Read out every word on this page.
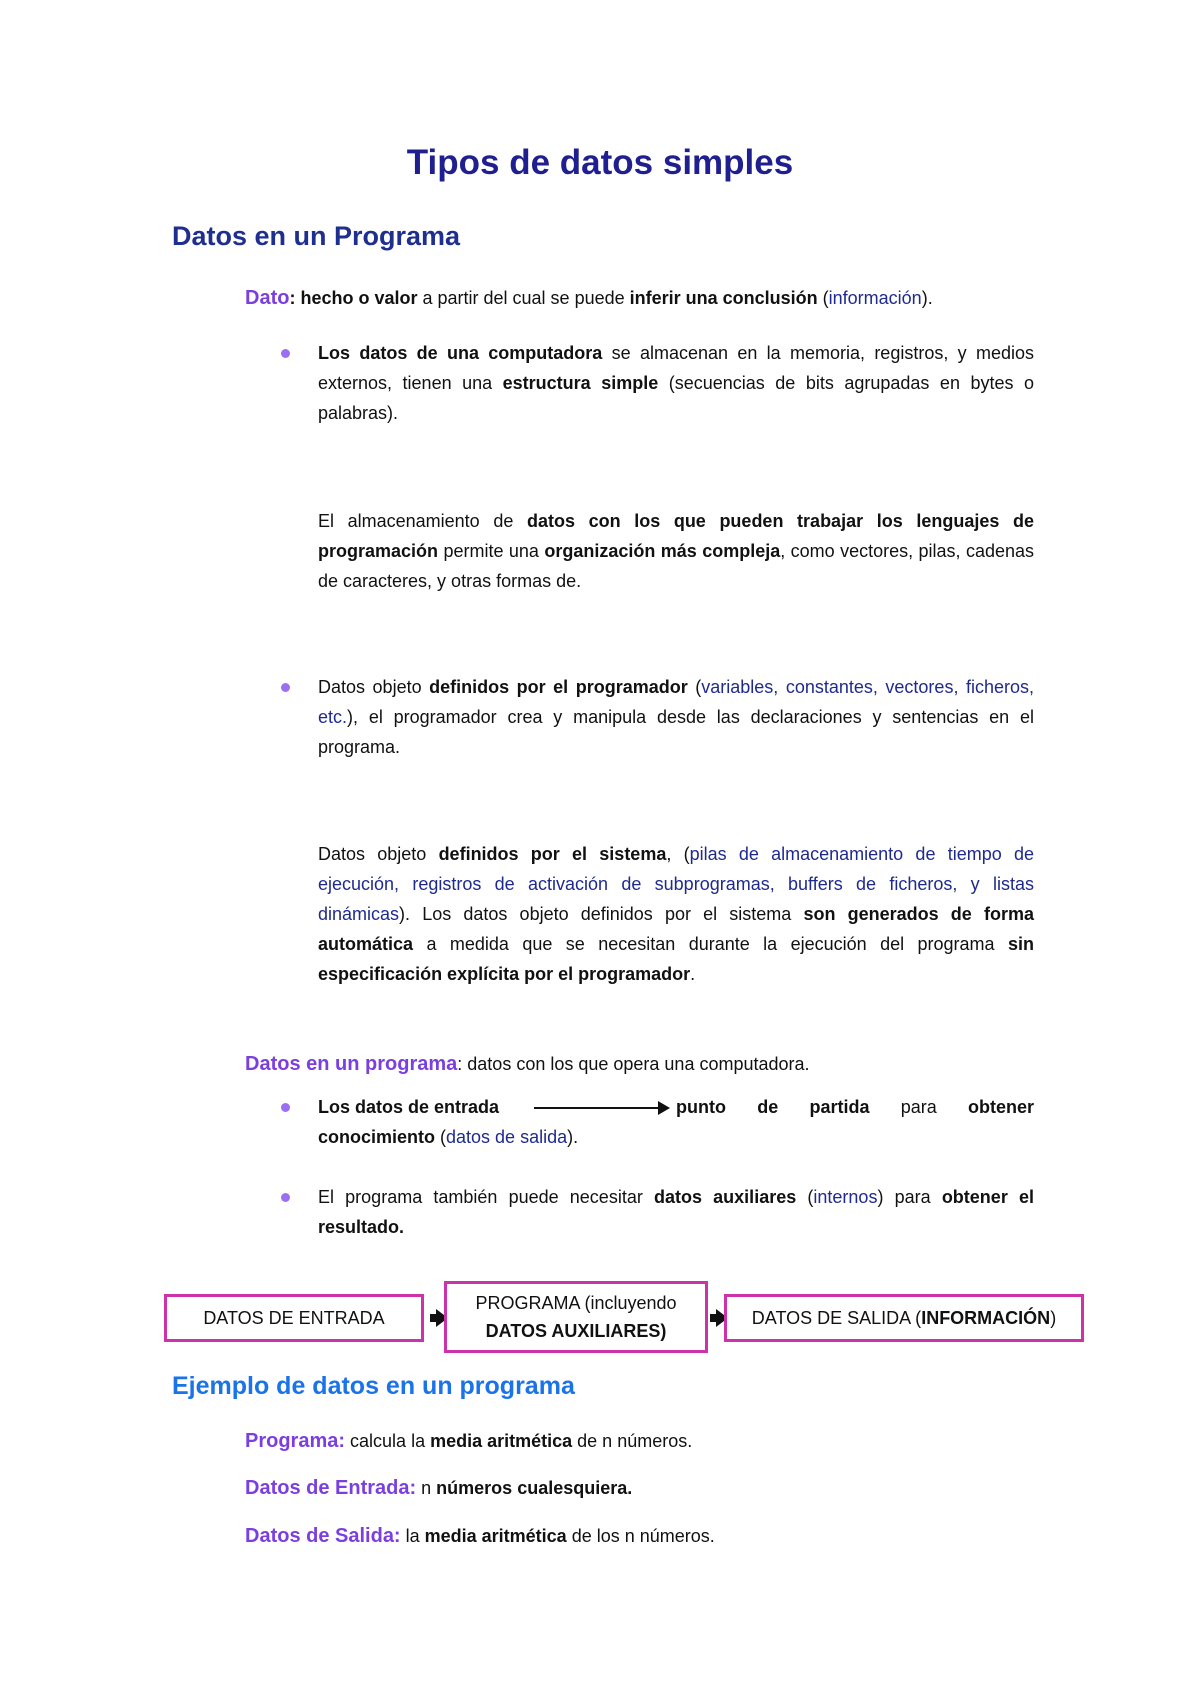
Tipos de datos simples
Datos en un Programa
Dato: hecho o valor a partir del cual se puede inferir una conclusión (información).
Los datos de una computadora se almacenan en la memoria, registros, y medios externos, tienen una estructura simple (secuencias de bits agrupadas en bytes o palabras).
El almacenamiento de datos con los que pueden trabajar los lenguajes de programación permite una organización más compleja, como vectores, pilas, cadenas de caracteres, y otras formas de.
Datos objeto definidos por el programador (variables, constantes, vectores, ficheros, etc.), el programador crea y manipula desde las declaraciones y sentencias en el programa.
Datos objeto definidos por el sistema, (pilas de almacenamiento de tiempo de ejecución, registros de activación de subprogramas, buffers de ficheros, y listas dinámicas). Los datos objeto definidos por el sistema son generados de forma automática a medida que se necesitan durante la ejecución del programa sin especificación explícita por el programador.
Datos en un programa: datos con los que opera una computadora.
Los datos de entrada	punto de partida para obtener
conocimiento (datos de salida).
El programa también puede necesitar datos auxiliares (internos) para obtener el resultado.
DATOS DE ENTRADA
PROGRAMA (incluyendo
DATOS AUXILIARES)
DATOS DE SALIDA (INFORMACIÓN)
Ejemplo de datos en un programa
Programa: calcula la media aritmética de n números.
Datos de Entrada: n números cualesquiera.
Datos de Salida: la media aritmética de los n números.
